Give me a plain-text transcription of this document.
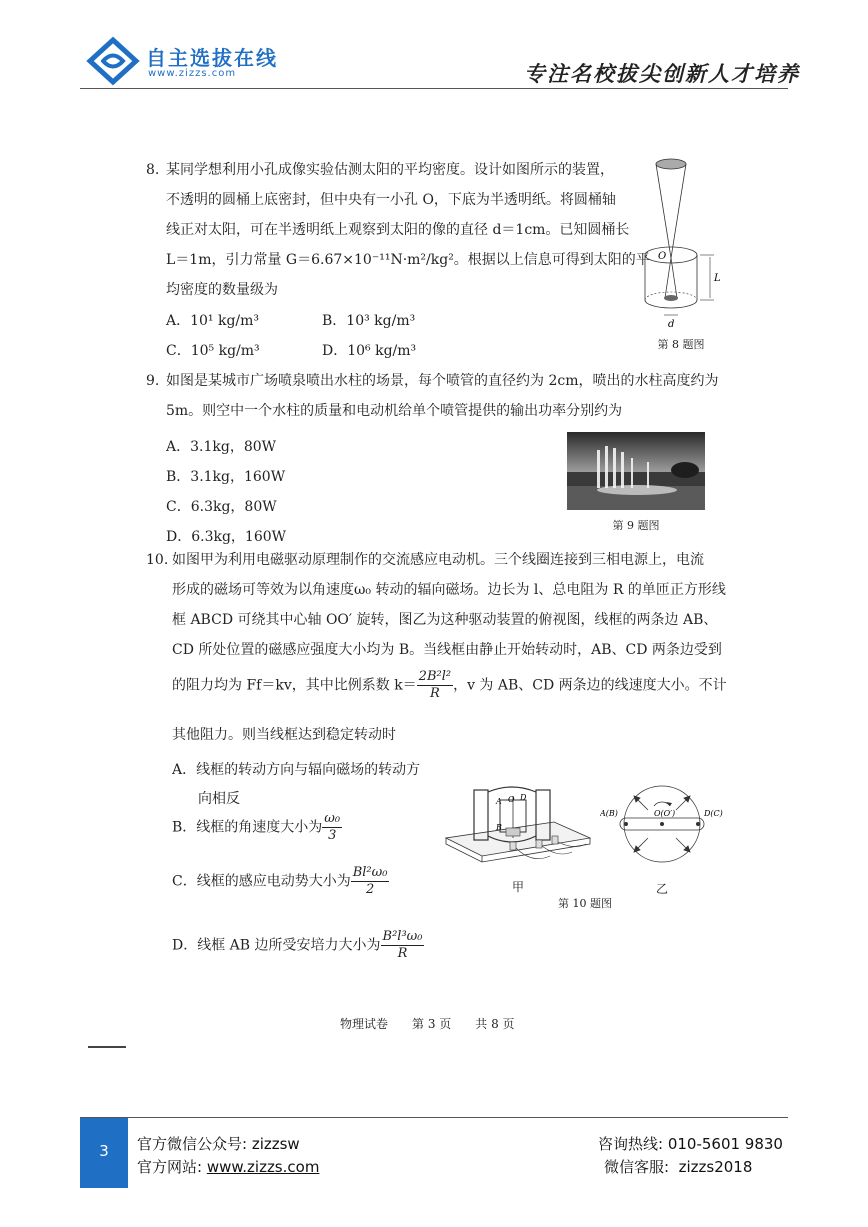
自主选拔在线
www.zizzs.com	专注名校拔尖创新人才培养
8. 某同学想利用小孔成像实验估测太阳的平均密度。设计如图所示的装置，
不透明的圆桶上底密封，但中央有一小孔 O，下底为半透明纸。将圆桶轴
线正对太阳，可在半透明纸上观察到太阳的像的直径 d＝1cm。已知圆桶长
L＝1m，引力常量 G＝6.67×10⁻¹¹N·m²/kg²。根据以上信息可得到太阳的平
均密度的数量级为
A．10¹ kg/m³	B．10³ kg/m³
C．10⁵ kg/m³	D．10⁶ kg/m³
O
L
d
第 8 题图
9. 如图是某城市广场喷泉喷出水柱的场景，每个喷管的直径约为 2cm，喷出的水柱高度约为
5m。则空中一个水柱的质量和电动机给单个喷管提供的输出功率分别约为
A．3.1kg，80W
B．3.1kg，160W
C．6.3kg，80W
D．6.3kg，160W
第 9 题图
10. 如图甲为利用电磁驱动原理制作的交流感应电动机。三个线圈连接到三相电源上，电流
形成的磁场可等效为以角速度ω₀ 转动的辐向磁场。边长为 l、总电阻为 R 的单匝正方形线
框 ABCD 可绕其中心轴 OO′ 旋转，图乙为这种驱动装置的俯视图，线框的两条边 AB、
CD 所处位置的磁感应强度大小均为 B。当线框由静止开始转动时，AB、CD 两条边受到
的阻力均为 Ff＝kv，其中比例系数 $k= \frac{\text{2B²l²}}{R}$ ，v 为 AB、CD 两条边的线速度大小。不计
其他阻力。则当线框达到稳定转动时
A．线框的转动方向与辐向磁场的转动方
向相反
B．线框的角速度大小为 $\frac{\text{ω₀}}{3}$
C．线框的感应电动势大小为 $\frac{\text{Bl²ω₀}}{2}$
D．线框 AB 边所受安培力大小为 $\frac{\text{B²l³ω₀}}{R}$
A O D
B
甲
A(B)	O(O′)	D(C)
乙
第 10 题图
物理试卷　　第 3 页　　共 8 页
3	官方微信公众号: zizzsw
官方网站: www.zizzs.com
咨询热线: 010-5601 9830
微信客服:  zizzs2018
